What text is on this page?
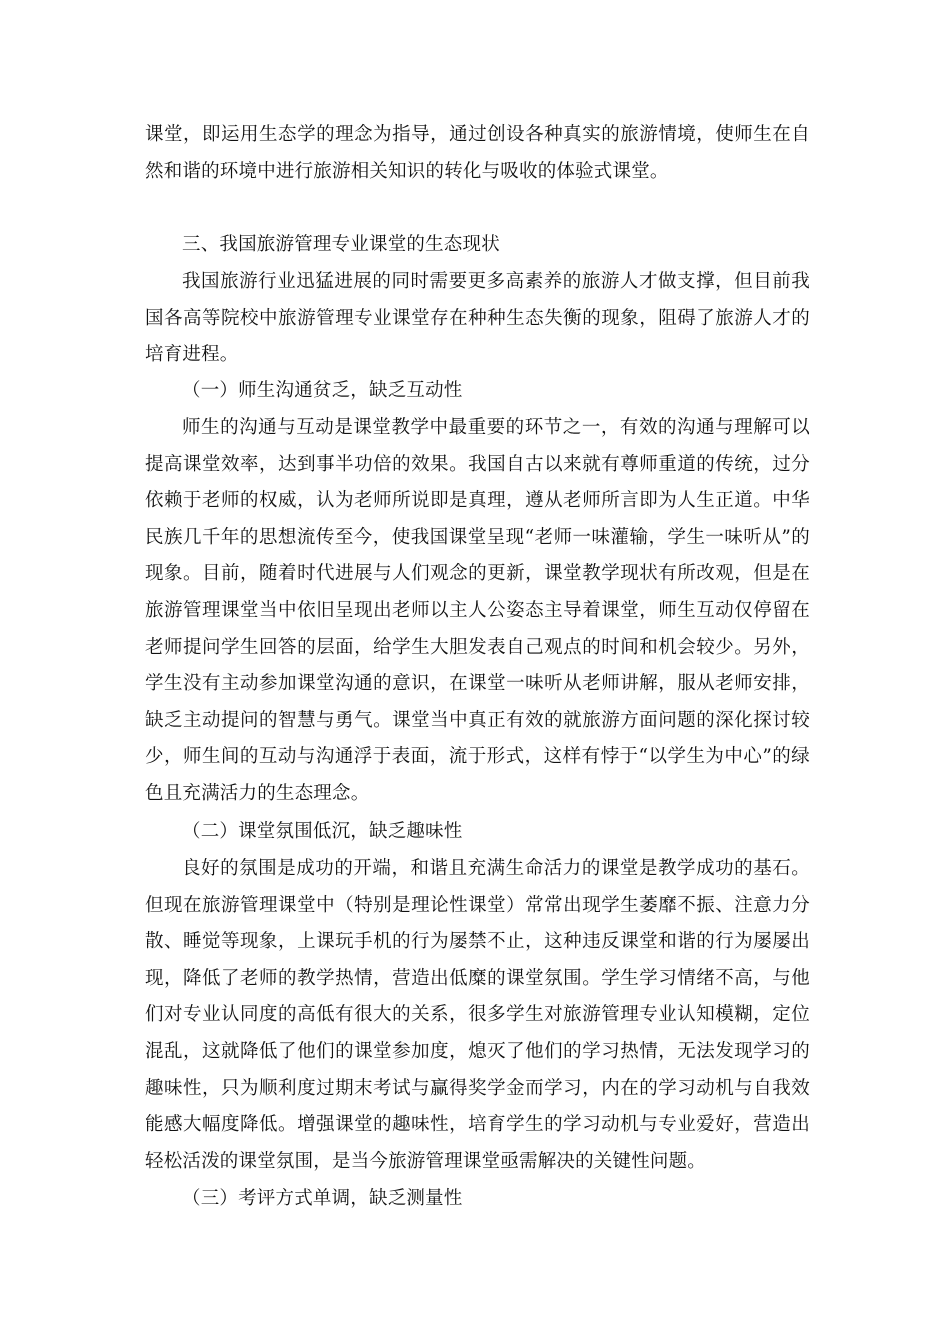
课堂，即运用生态学的理念为指导，通过创设各种真实的旅游情境，使师生在自然和谐的环境中进行旅游相关知识的转化与吸收的体验式课堂。

三、我国旅游管理专业课堂的生态现状

我国旅游行业迅猛进展的同时需要更多高素养的旅游人才做支撑，但目前我国各高等院校中旅游管理专业课堂存在种种生态失衡的现象，阻碍了旅游人才的培育进程。

（一）师生沟通贫乏，缺乏互动性

师生的沟通与互动是课堂教学中最重要的环节之一，有效的沟通与理解可以提高课堂效率，达到事半功倍的效果。我国自古以来就有尊师重道的传统，过分依赖于老师的权威，认为老师所说即是真理，遵从老师所言即为人生正道。中华民族几千年的思想流传至今，使我国课堂呈现“老师一味灌输，学生一味听从”的现象。目前，随着时代进展与人们观念的更新，课堂教学现状有所改观，但是在旅游管理课堂当中依旧呈现出老师以主人公姿态主导着课堂，师生互动仅停留在老师提问学生回答的层面，给学生大胆发表自己观点的时间和机会较少。另外，学生没有主动参加课堂沟通的意识，在课堂一味听从老师讲解，服从老师安排，缺乏主动提问的智慧与勇气。课堂当中真正有效的就旅游方面问题的深化探讨较少，师生间的互动与沟通浮于表面，流于形式，这样有悖于“以学生为中心”的绿色且充满活力的生态理念。

（二）课堂氛围低沉，缺乏趣味性

良好的氛围是成功的开端，和谐且充满生命活力的课堂是教学成功的基石。但现在旅游管理课堂中（特别是理论性课堂）常常出现学生萎靡不振、注意力分散、睡觉等现象，上课玩手机的行为屡禁不止，这种违反课堂和谐的行为屡屡出现，降低了老师的教学热情，营造出低糜的课堂氛围。学生学习情绪不高，与他们对专业认同度的高低有很大的关系，很多学生对旅游管理专业认知模糊，定位混乱，这就降低了他们的课堂参加度，熄灭了他们的学习热情，无法发现学习的趣味性，只为顺利度过期末考试与赢得奖学金而学习，内在的学习动机与自我效能感大幅度降低。增强课堂的趣味性，培育学生的学习动机与专业爱好，营造出轻松活泼的课堂氛围，是当今旅游管理课堂亟需解决的关键性问题。

（三）考评方式单调，缺乏测量性
